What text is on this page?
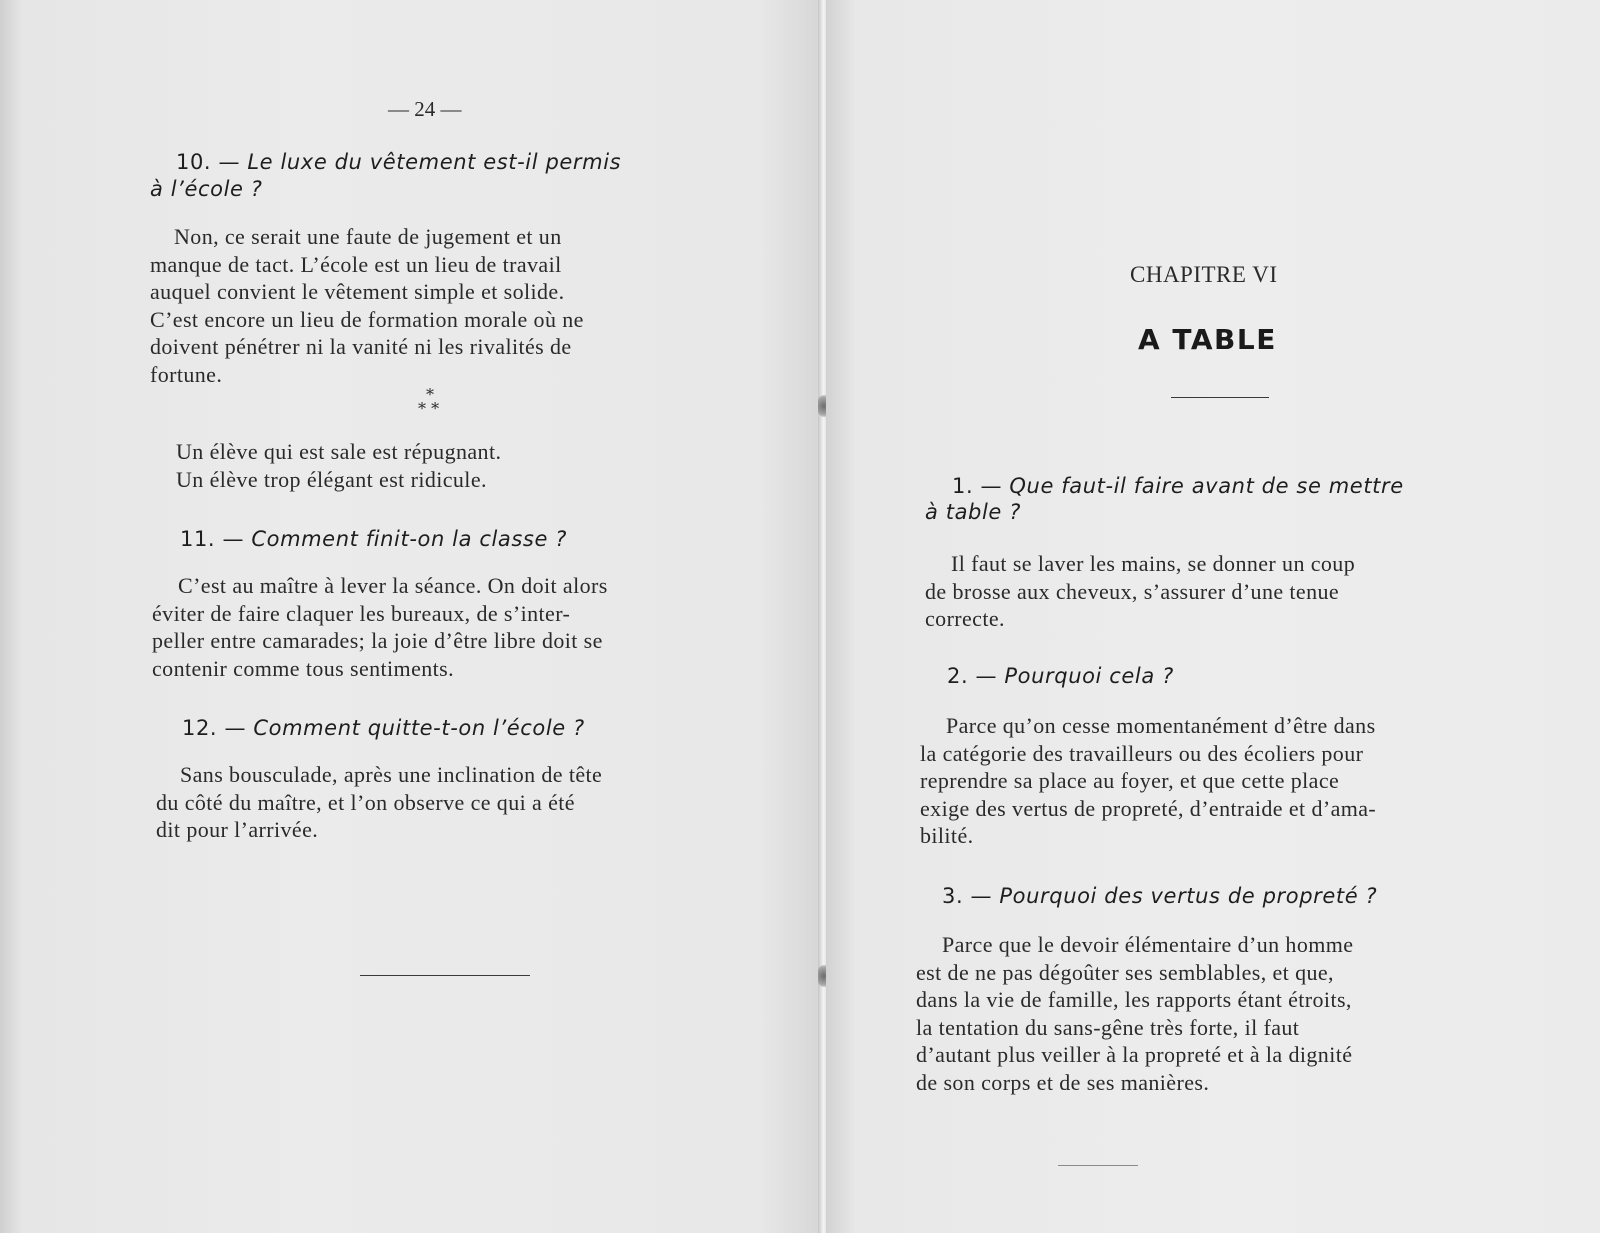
— 24 —
10. — Le luxe du vêtement est-il permis
à l’école ?
Non, ce serait une faute de jugement et un
manque de tact. L’école est un lieu de travail
auquel convient le vêtement simple et solide.
C’est encore un lieu de formation morale où ne
doivent pénétrer ni la vanité ni les rivalités de
fortune.
*
* *
Un élève qui est sale est répugnant.
Un élève trop élégant est ridicule.
11. — Comment finit-on la classe ?
C’est au maître à lever la séance. On doit alors
éviter de faire claquer les bureaux, de s’inter-
peller entre camarades; la joie d’être libre doit se
contenir comme tous sentiments.
12. — Comment quitte-t-on l’école ?
Sans bousculade, après une inclination de tête
du côté du maître, et l’on observe ce qui a été
dit pour l’arrivée.
CHAPITRE VI
A TABLE
1. — Que faut-il faire avant de se mettre
à table ?
Il faut se laver les mains, se donner un coup
de brosse aux cheveux, s’assurer d’une tenue
correcte.
2. — Pourquoi cela ?
Parce qu’on cesse momentanément d’être dans
la catégorie des travailleurs ou des écoliers pour
reprendre sa place au foyer, et que cette place
exige des vertus de propreté, d’entraide et d’ama-
bilité.
3. — Pourquoi des vertus de propreté ?
Parce que le devoir élémentaire d’un homme
est de ne pas dégoûter ses semblables, et que,
dans la vie de famille, les rapports étant étroits,
la tentation du sans-gêne très forte, il faut
d’autant plus veiller à la propreté et à la dignité
de son corps et de ses manières.
